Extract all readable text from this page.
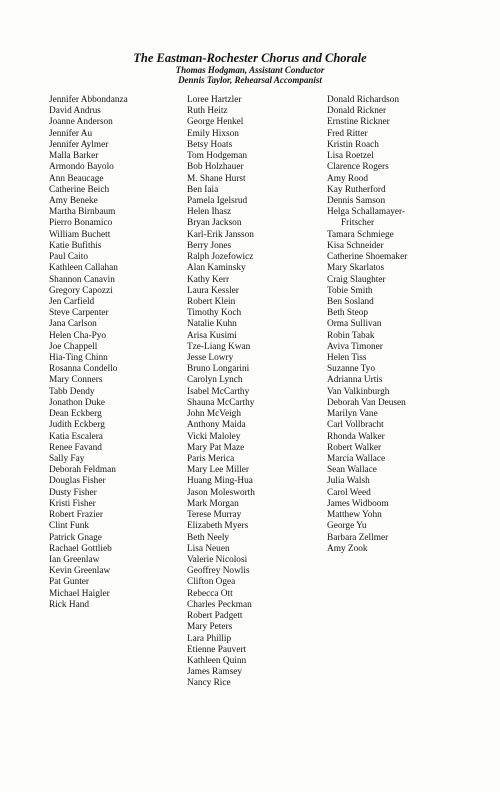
The Eastman-Rochester Chorus and Chorale

Thomas Hodgman, Assistant Conductor

Dennis Taylor, Rehearsal Accompanist

Jennifer Abbondanza
David Andrus
Joanne Anderson
Jennifer Au
Jennifer Aylmer
Malla Barker
Armondo Bayolo
Ann Beaucage
Catherine Beich
Amy Beneke
Martha Birnbaum
Pierro Bonamico
William Buchett
Katie Bufithis
Paul Caito
Kathleen Callahan
Shannon Canavin
Gregory Capozzi
Jen Carfield
Steve Carpenter
Jana Carlson
Helen Cha-Pyo
Joe Chappell
Hia-Ting Chinn
Rosanna Condello
Mary Conners
Tabb Dendy
Jonathon Duke
Dean Eckberg
Judith Eckberg
Katia Escalera
Renee Favand
Sally Fay
Deborah Feldman
Douglas Fisher
Dusty Fisher
Kristi Fisher
Robert Frazier
Clint Funk
Patrick Gnage
Rachael Gottlieb
Ian Greenlaw
Kevin Greenlaw
Pat Gunter
Michael Haigler
Rick Hand
Loree Hartzler
Ruth Heitz
George Henkel
Emily Hixson
Betsy Hoats
Tom Hodgeman
Bob Holzhauer
M. Shane Hurst
Ben Iaia
Pamela Igelsrud
Helen Ihasz
Bryan Jackson
Karl-Erik Jansson
Berry Jones
Ralph Jozefowicz
Alan Kaminsky
Kathy Kerr
Laura Kessler
Robert Klein
Timothy Koch
Natalie Kuhn
Arisa Kusimi
Tze-Liang Kwan
Jesse Lowry
Bruno Longarini
Carolyn Lynch
Isabel McCarthy
Shauna McCarthy
John McVeigh
Anthony Maida
Vicki Maloley
Mary Pat Maze
Paris Merica
Mary Lee Miller
Huang Ming-Hua
Jason Molesworth
Mark Morgan
Terese Murray
Elizabeth Myers
Beth Neely
Lisa Neuen
Valerie Nicolosi
Geoffrey Nowlis
Clifton Ogea
Rebecca Ott
Charles Peckman
Robert Padgett
Mary Peters
Lara Phillip
Etienne Pauvert
Kathleen Quinn
James Ramsey
Nancy Rice
Donald Richardson
Donald Rickner
Ernstine Rickner
Fred Ritter
Kristin Roach
Lisa Roetzel
Clarence Rogers
Amy Rood
Kay Rutherford
Dennis Samson
Helga Schallamayer-
Fritscher
Tamara Schmiege
Kisa Schneider
Catherine Shoemaker
Mary Skarlatos
Craig Slaughter
Tobie Smith
Ben Sosland
Beth Steop
Orma Sullivan
Robin Tabak
Aviva Timoner
Helen Tiss
Suzanne Tyo
Adrianna Urtis
Van Valkinburgh
Deborah Van Deusen
Marilyn Vane
Carl Vollbracht
Rhonda Walker
Robert Walker
Marcia Wallace
Sean Wallace
Julia Walsh
Carol Weed
James Widboom
Matthew Yohn
George Yu
Barbara Zellmer
Amy Zook
